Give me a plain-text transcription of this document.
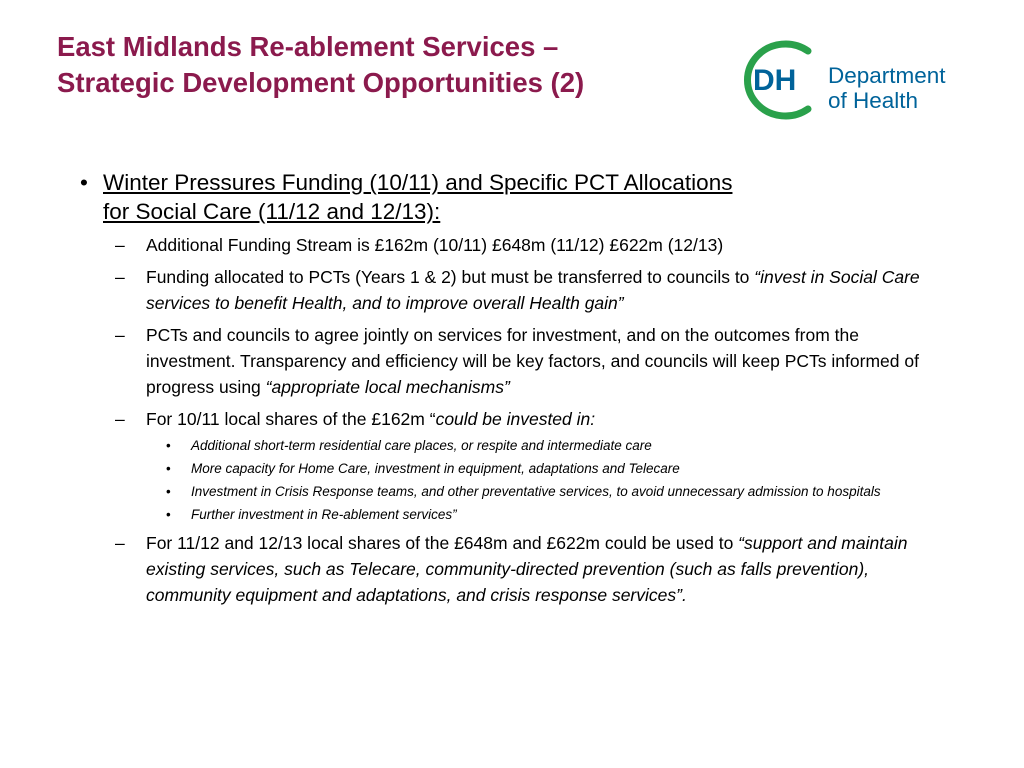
East Midlands Re-ablement Services –
Strategic Development Opportunities (2)	DH Department
of Health
• Winter Pressures Funding (10/11) and Specific PCT Allocations
for Social Care (11/12 and 12/13):
– Additional Funding Stream is £162m (10/11) £648m (11/12) £622m (12/13)
– Funding allocated to PCTs (Years 1 & 2) but must be transferred to councils to “invest in Social Care services to benefit Health, and to improve overall Health gain”
– PCTs and councils to agree jointly on services for investment, and on the outcomes from the investment. Transparency and efficiency will be key factors, and councils will keep PCTs informed of progress using “appropriate local mechanisms”
– For 10/11 local shares of the £162m “could be invested in:
• Additional short-term residential care places, or respite and intermediate care
• More capacity for Home Care, investment in equipment, adaptations and Telecare
• Investment in Crisis Response teams, and other preventative services, to avoid unnecessary admission to hospitals
• Further investment in Re-ablement services”
– For 11/12 and 12/13 local shares of the £648m and £622m could be used to “support and maintain existing services, such as Telecare, community-directed prevention (such as falls prevention), community equipment and adaptations, and crisis response services”.
